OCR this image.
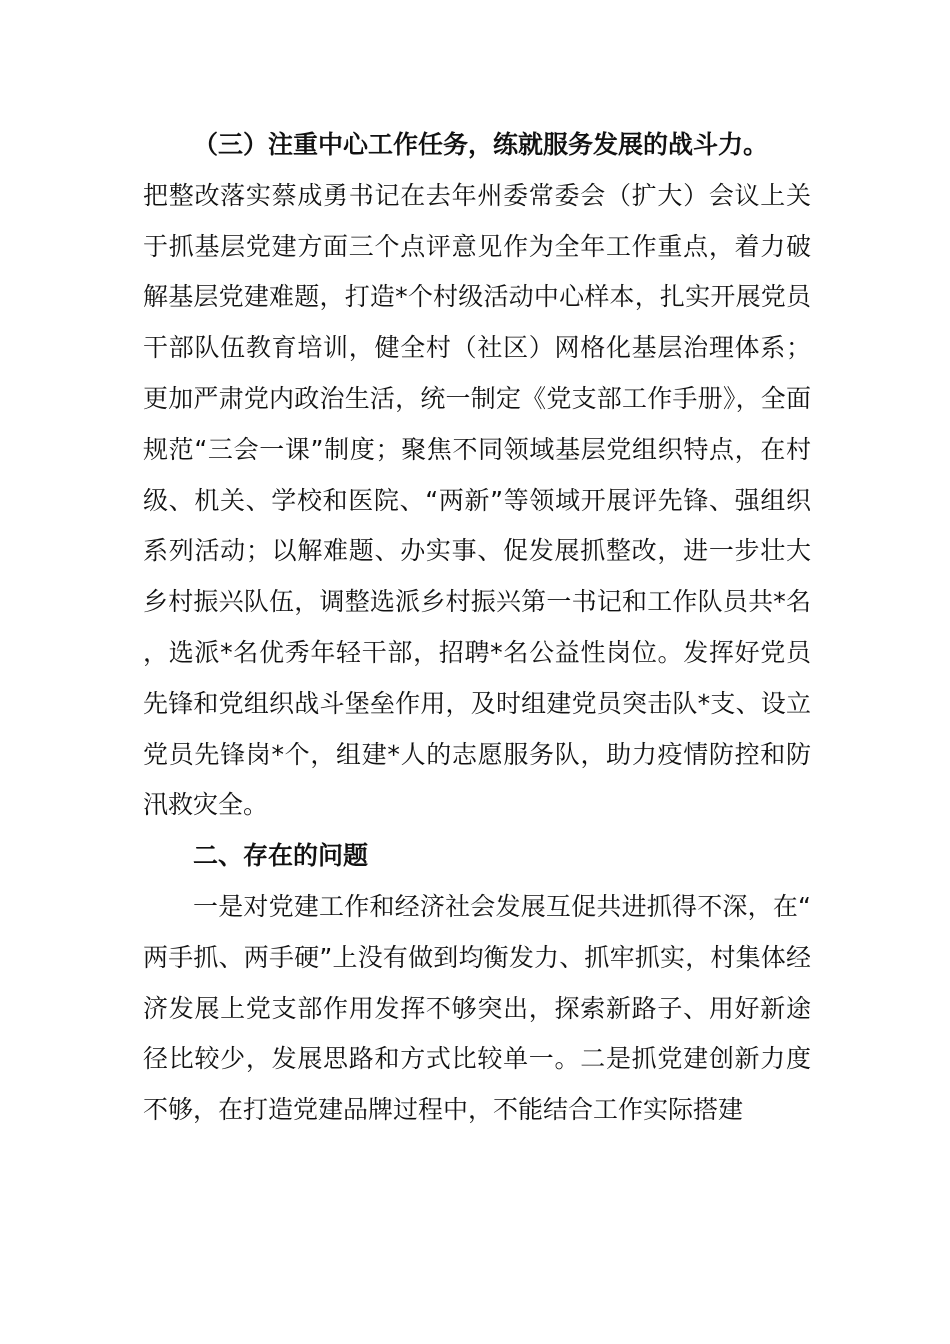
（三）注重中心工作任务，练就服务发展的战斗力。

把整改落实蔡成勇书记在去年州委常委会（扩大）会议上关于抓基层党建方面三个点评意见作为全年工作重点，着力破解基层党建难题，打造*个村级活动中心样本，扎实开展党员干部队伍教育培训，健全村（社区）网格化基层治理体系；更加严肃党内政治生活，统一制定《党支部工作手册》，全面规范“三会一课”制度；聚焦不同领域基层党组织特点，在村级、机关、学校和医院、“两新”等领域开展评先锋、强组织系列活动；以解难题、办实事、促发展抓整改，进一步壮大乡村振兴队伍，调整选派乡村振兴第一书记和工作队员共*名，选派*名优秀年轻干部，招聘*名公益性岗位。发挥好党员先锋和党组织战斗堡垒作用，及时组建党员突击队*支、设立党员先锋岗*个，组建*人的志愿服务队，助力疫情防控和防汛救灾全。

二、存在的问题

一是对党建工作和经济社会发展互促共进抓得不深，在“两手抓、两手硬”上没有做到均衡发力、抓牢抓实，村集体经济发展上党支部作用发挥不够突出，探索新路子、用好新途径比较少，发展思路和方式比较单一。二是抓党建创新力度不够，在打造党建品牌过程中，不能结合工作实际搭建
